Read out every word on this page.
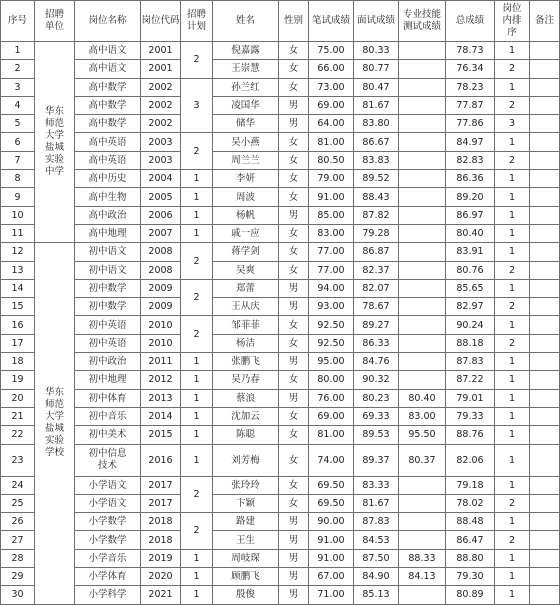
序号	招聘单位	岗位名称	岗位代码	招聘计划	姓名	性别	笔试成绩	面试成绩	专业技能测试成绩	总成绩	岗位内排序	备注
1	华东师范大学盐城实验中学	高中语文	2001	2	倪嘉露	女	75.00	80.33		78.73	1	
2		高中语文	2001		王崇慧	女	66.00	80.77		76.34	2	
3		高中数学	2002	3	孙兰红	女	73.00	80.47		78.23	1	
4		高中数学	2002		凌国华	男	69.00	81.67		77.87	2	
5		高中数学	2002		储华	男	64.00	83.80		77.86	3	
6		高中英语	2003	2	吴小燕	女	81.00	86.67		84.97	1	
7		高中英语	2003		周兰兰	女	80.50	83.83		82.83	2	
8		高中历史	2004	1	李妍	女	79.00	89.52		86.36	1	
9		高中生物	2005	1	周波	女	91.00	88.43		89.20	1	
10		高中政治	2006	1	杨帆	男	85.00	87.82		86.97	1	
11		高中地理	2007	1	戚一应	女	83.00	79.28		80.40	1	
12	华东师范大学盐城实验学校	初中语文	2008	2	蒋学剑	女	77.00	86.87		83.91	1	
13		初中语文	2008		吴爽	女	77.00	82.37		80.76	2	
14		初中数学	2009	2	郑蕾	男	94.00	82.07		85.65	1	
15		初中数学	2009		王从庆	男	93.00	78.67		82.97	2	
16		初中英语	2010	2	邹菲菲	女	92.50	89.27		90.24	1	
17		初中英语	2010		杨洁	女	92.50	86.33		88.18	2	
18		初中政治	2011	1	张鹏飞	男	95.00	84.76		87.83	1	
19		初中地理	2012	1	吴乃春	女	80.00	90.32		87.22	1	
20		初中体育	2013	1	蔡浪	男	76.00	80.23	80.40	79.01	1	
21		初中音乐	2014	1	沈加云	女	69.00	69.33	83.00	79.33	1	
22		初中美术	2015	1	陈聪	女	81.00	89.53	95.50	88.76	1	
23		初中信息技术	2016	1	刘芳梅	女	74.00	89.37	80.37	82.06	1	
24		小学语文	2017	2	张玲玲	女	69.50	83.33		79.18	1	
25		小学语文	2017		卞颖	女	69.50	81.67		78.02	2	
26		小学数学	2018	2	路建	男	90.00	87.83		88.48	1	
27		小学数学	2018		王生	男	91.00	84.53		86.47	2	
28		小学音乐	2019	1	周岐琛	男	91.00	87.50	88.33	88.80	1	
29		小学体育	2020	1	顾鹏飞	男	67.00	84.90	84.13	79.30	1	
30		小学科学	2021	1	殷俊	男	71.00	85.13		80.89	1	
